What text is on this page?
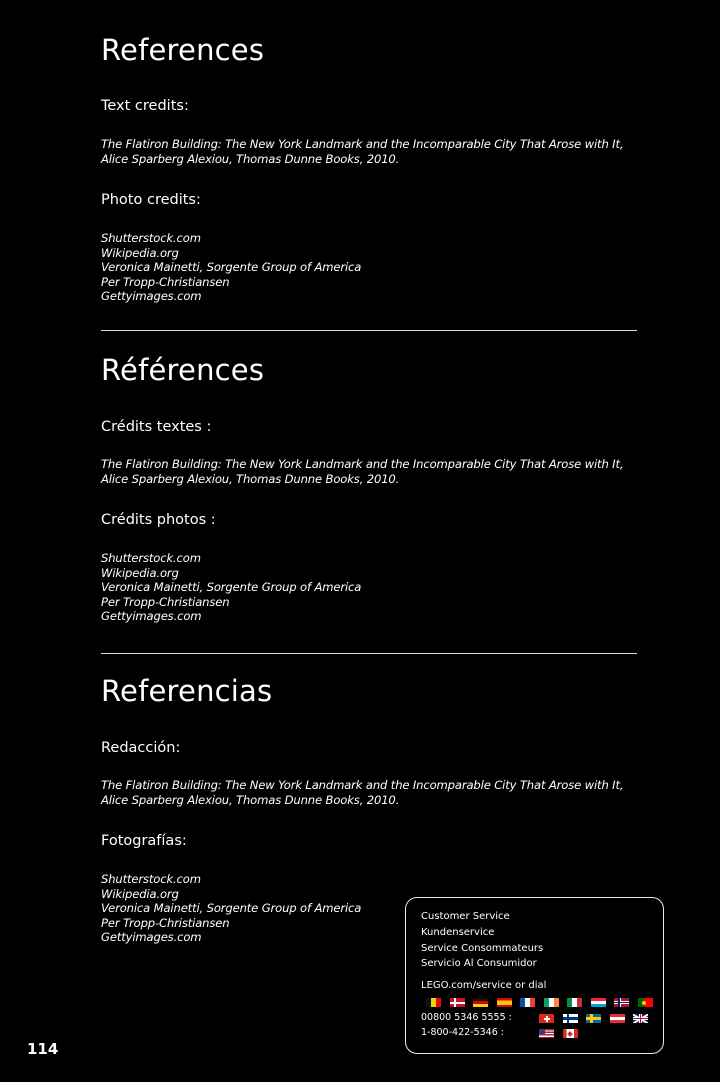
References

Text credits:

The Flatiron Building: The New York Landmark and the Incomparable City That Arose with It,
Alice Sparberg Alexiou, Thomas Dunne Books, 2010.

Photo credits:

Shutterstock.com
Wikipedia.org
Veronica Mainetti, Sorgente Group of America
Per Tropp-Christiansen
Gettyimages.com
Références

Crédits textes :

The Flatiron Building: The New York Landmark and the Incomparable City That Arose with It,
Alice Sparberg Alexiou, Thomas Dunne Books, 2010.

Crédits photos :

Shutterstock.com
Wikipedia.org
Veronica Mainetti, Sorgente Group of America
Per Tropp-Christiansen
Gettyimages.com
Referencias

Redacción:

The Flatiron Building: The New York Landmark and the Incomparable City That Arose with It,
Alice Sparberg Alexiou, Thomas Dunne Books, 2010.

Fotografías:

Shutterstock.com
Wikipedia.org
Veronica Mainetti, Sorgente Group of America
Per Tropp-Christiansen
Gettyimages.com
114
Customer Service
Kundenservice
Service Consommateurs
Servicio Al Consumidor
LEGO.com/service or dial
00800 5346 5555 :
1-800-422-5346 :
